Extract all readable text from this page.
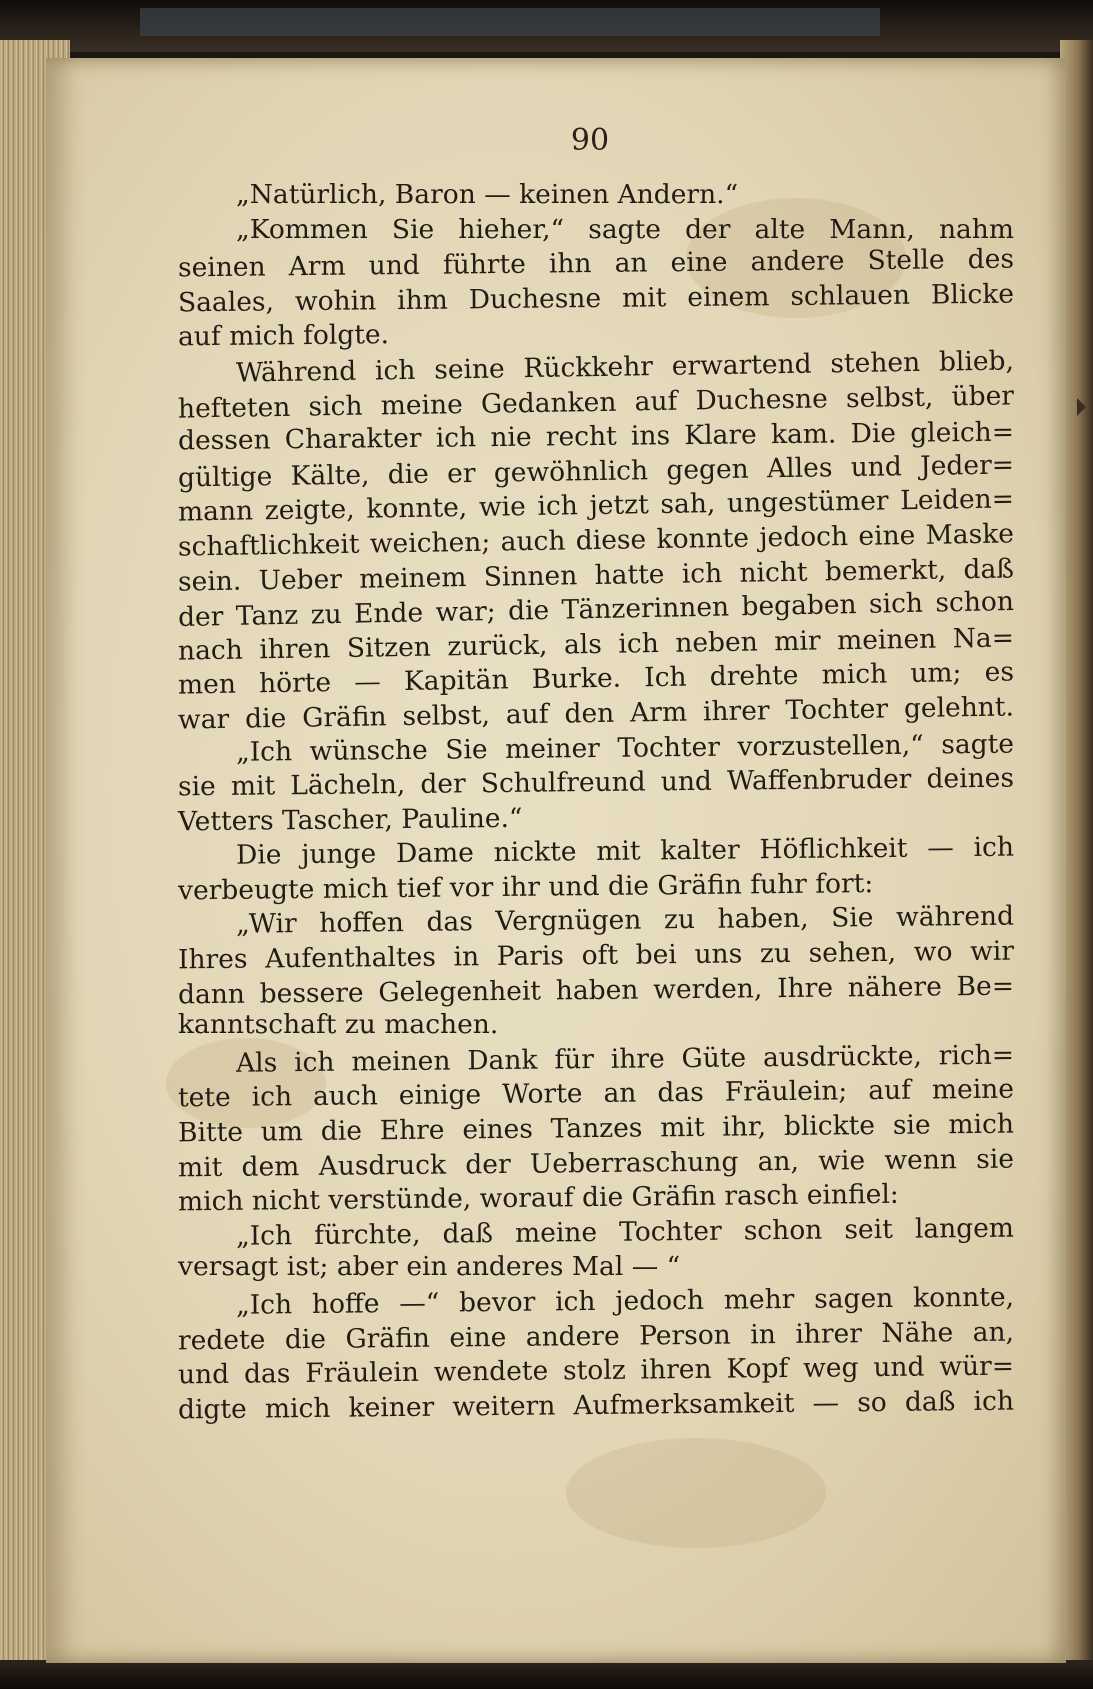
90
„Natürlich, Baron — keinen Andern.“
„Kommen Sie hieher,“ sagte der alte Mann, nahm
seinen Arm und führte ihn an eine andere Stelle des
Saales, wohin ihm Duchesne mit einem schlauen Blicke
auf mich folgte.
Während ich seine Rückkehr erwartend stehen blieb,
hefteten sich meine Gedanken auf Duchesne selbst, über
dessen Charakter ich nie recht ins Klare kam. Die gleich=
gültige Kälte, die er gewöhnlich gegen Alles und Jeder=
mann zeigte, konnte, wie ich jetzt sah, ungestümer Leiden=
schaftlichkeit weichen; auch diese konnte jedoch eine Maske
sein. Ueber meinem Sinnen hatte ich nicht bemerkt, daß
der Tanz zu Ende war; die Tänzerinnen begaben sich schon
nach ihren Sitzen zurück, als ich neben mir meinen Na=
men hörte — Kapitän Burke. Ich drehte mich um; es
war die Gräfin selbst, auf den Arm ihrer Tochter gelehnt.
„Ich wünsche Sie meiner Tochter vorzustellen,“ sagte
sie mit Lächeln, der Schulfreund und Waffenbruder deines
Vetters Tascher, Pauline.“
Die junge Dame nickte mit kalter Höflichkeit — ich
verbeugte mich tief vor ihr und die Gräfin fuhr fort:
„Wir hoffen das Vergnügen zu haben, Sie während
Ihres Aufenthaltes in Paris oft bei uns zu sehen, wo wir
dann bessere Gelegenheit haben werden, Ihre nähere Be=
kanntschaft zu machen.
Als ich meinen Dank für ihre Güte ausdrückte, rich=
tete ich auch einige Worte an das Fräulein; auf meine
Bitte um die Ehre eines Tanzes mit ihr, blickte sie mich
mit dem Ausdruck der Ueberraschung an, wie wenn sie
mich nicht verstünde, worauf die Gräfin rasch einfiel:
„Ich fürchte, daß meine Tochter schon seit langem
versagt ist; aber ein anderes Mal — “
„Ich hoffe —“ bevor ich jedoch mehr sagen konnte,
redete die Gräfin eine andere Person in ihrer Nähe an,
und das Fräulein wendete stolz ihren Kopf weg und wür=
digte mich keiner weitern Aufmerksamkeit — so daß ich
